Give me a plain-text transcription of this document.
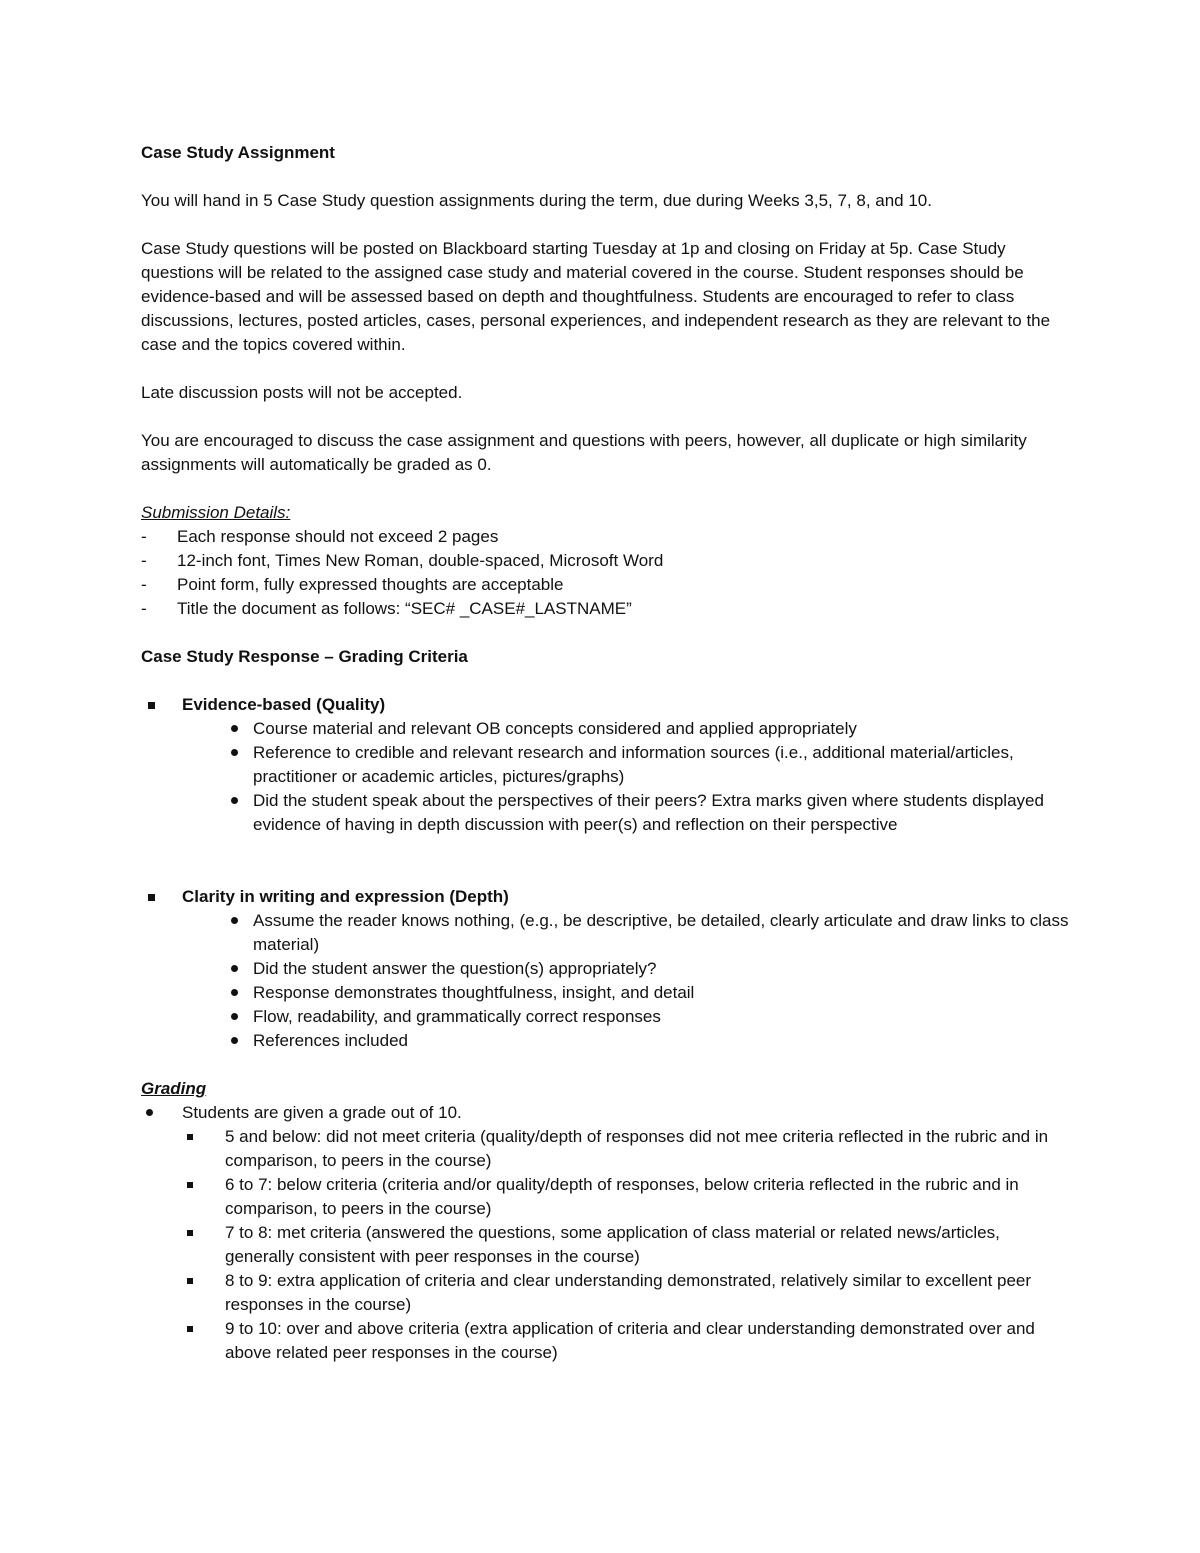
Case Study Assignment

You will hand in 5 Case Study question assignments during the term, due during Weeks 3,5, 7, 8, and 10.

Case Study questions will be posted on Blackboard starting Tuesday at 1p and closing on Friday at 5p. Case Study questions will be related to the assigned case study and material covered in the course. Student responses should be evidence-based and will be assessed based on depth and thoughtfulness. Students are encouraged to refer to class discussions, lectures, posted articles, cases, personal experiences, and independent research as they are relevant to the case and the topics covered within.

Late discussion posts will not be accepted.

You are encouraged to discuss the case assignment and questions with peers, however, all duplicate or high similarity assignments will automatically be graded as 0.

Submission Details:

- Each response should not exceed 2 pages
- 12-inch font, Times New Roman, double-spaced, Microsoft Word
- Point form, fully expressed thoughts are acceptable
- Title the document as follows: “SEC# _CASE#_LASTNAME”

Case Study Response – Grading Criteria

Evidence-based (Quality)

Course material and relevant OB concepts considered and applied appropriately
Reference to credible and relevant research and information sources (i.e., additional material/articles, practitioner or academic articles, pictures/graphs)
Did the student speak about the perspectives of their peers? Extra marks given where students displayed evidence of having in depth discussion with peer(s) and reflection on their perspective

Clarity in writing and expression (Depth)

Assume the reader knows nothing, (e.g., be descriptive, be detailed, clearly articulate and draw links to class material)
Did the student answer the question(s) appropriately?
Response demonstrates thoughtfulness, insight, and detail
Flow, readability, and grammatically correct responses
References included

Grading

Students are given a grade out of 10.
5 and below: did not meet criteria (quality/depth of responses did not mee criteria reflected in the rubric and in comparison, to peers in the course)
6 to 7: below criteria (criteria and/or quality/depth of responses, below criteria reflected in the rubric and in comparison, to peers in the course)
7 to 8: met criteria (answered the questions, some application of class material or related news/articles, generally consistent with peer responses in the course)
8 to 9: extra application of criteria and clear understanding demonstrated, relatively similar to excellent peer responses in the course)
9 to 10: over and above criteria (extra application of criteria and clear understanding demonstrated over and above related peer responses in the course)
